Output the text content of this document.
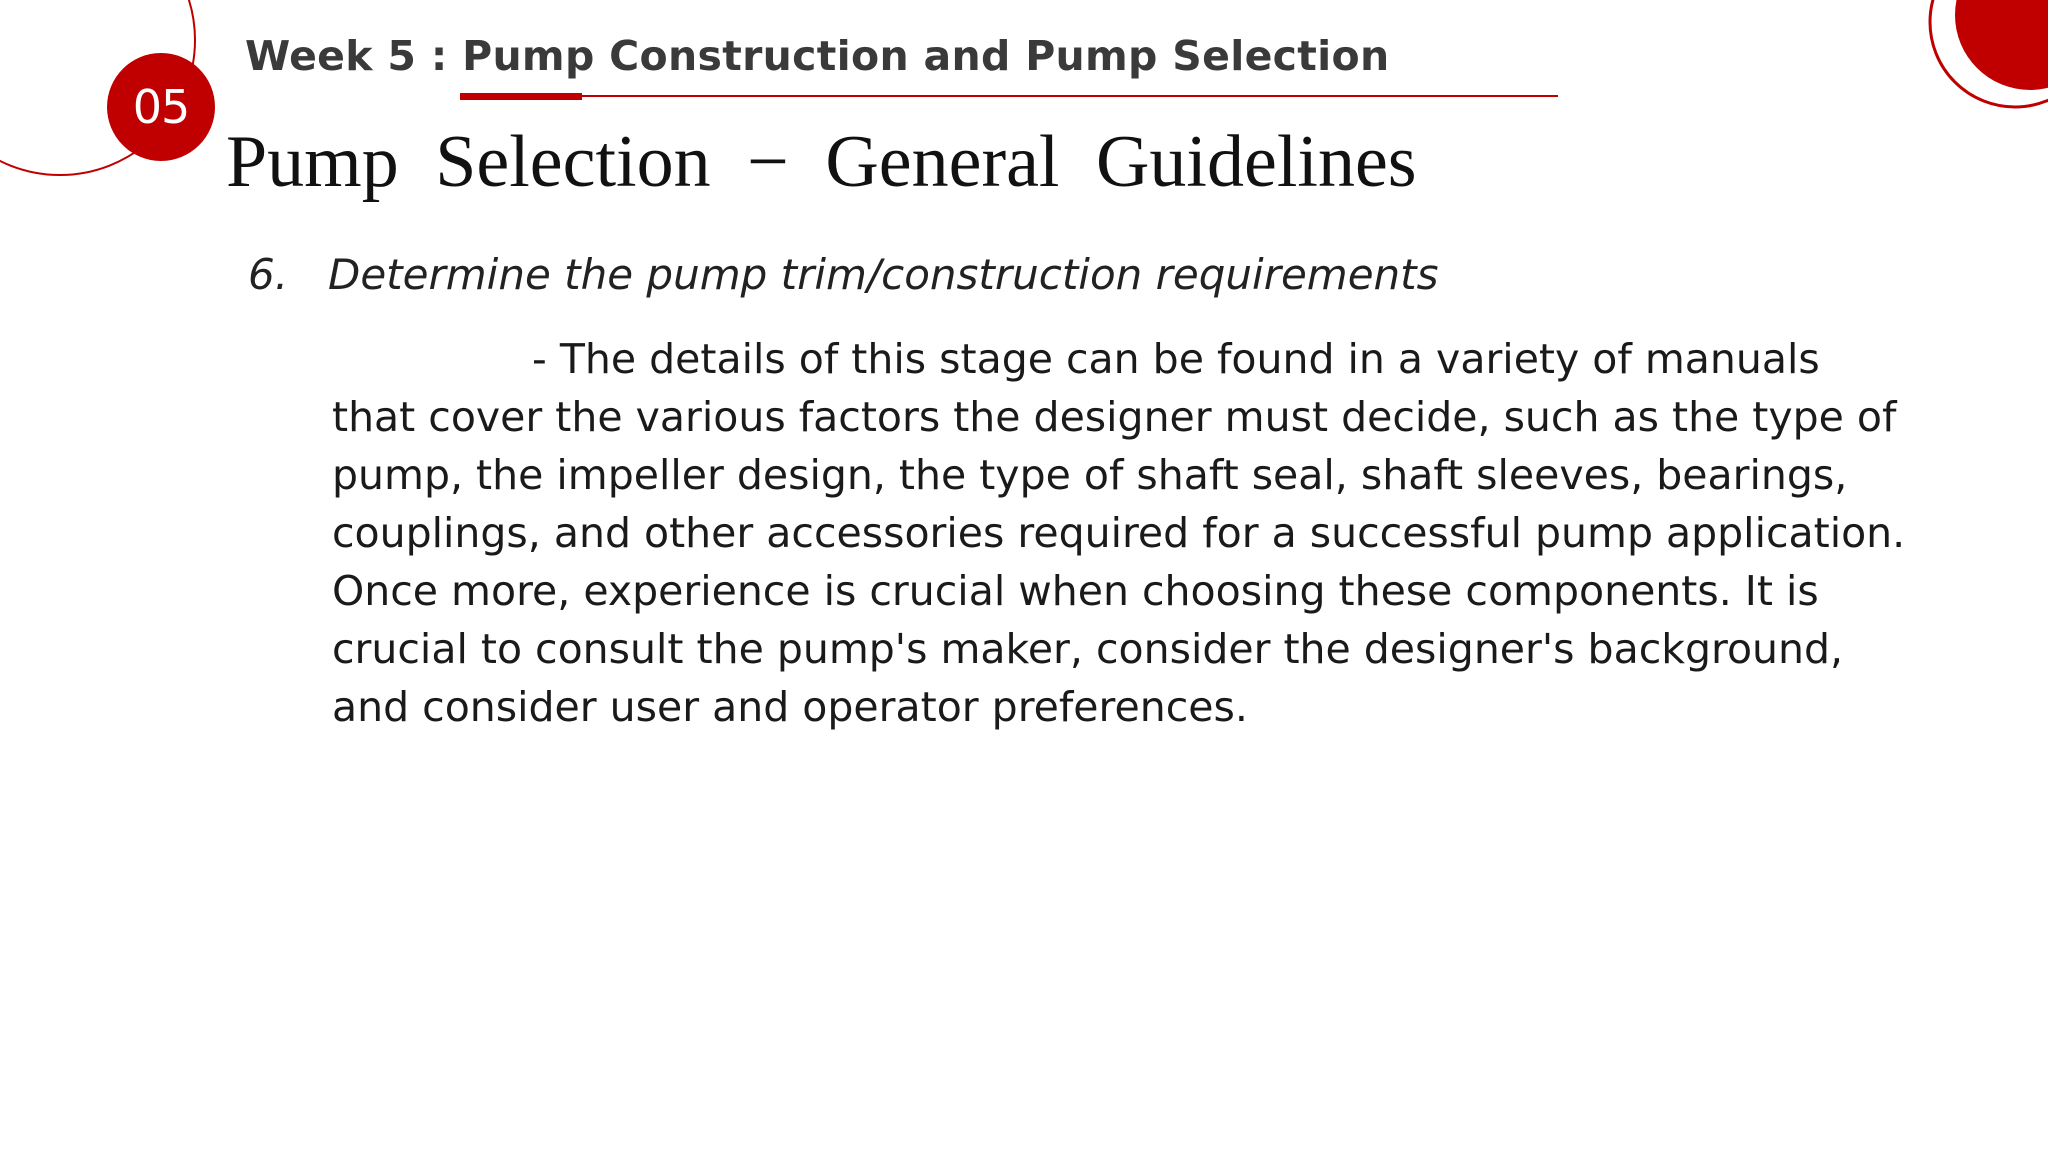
05
Week 5 : Pump Construction and Pump Selection
Pump Selection − General Guidelines
6. Determine the pump trim/construction requirements
- The details of this stage can be found in a variety of manuals that cover the various factors the designer must decide, such as the type of pump, the impeller design, the type of shaft seal, shaft sleeves, bearings, couplings, and other accessories required for a successful pump application. Once more, experience is crucial when choosing these components. It is crucial to consult the pump's maker, consider the designer's background, and consider user and operator preferences.
